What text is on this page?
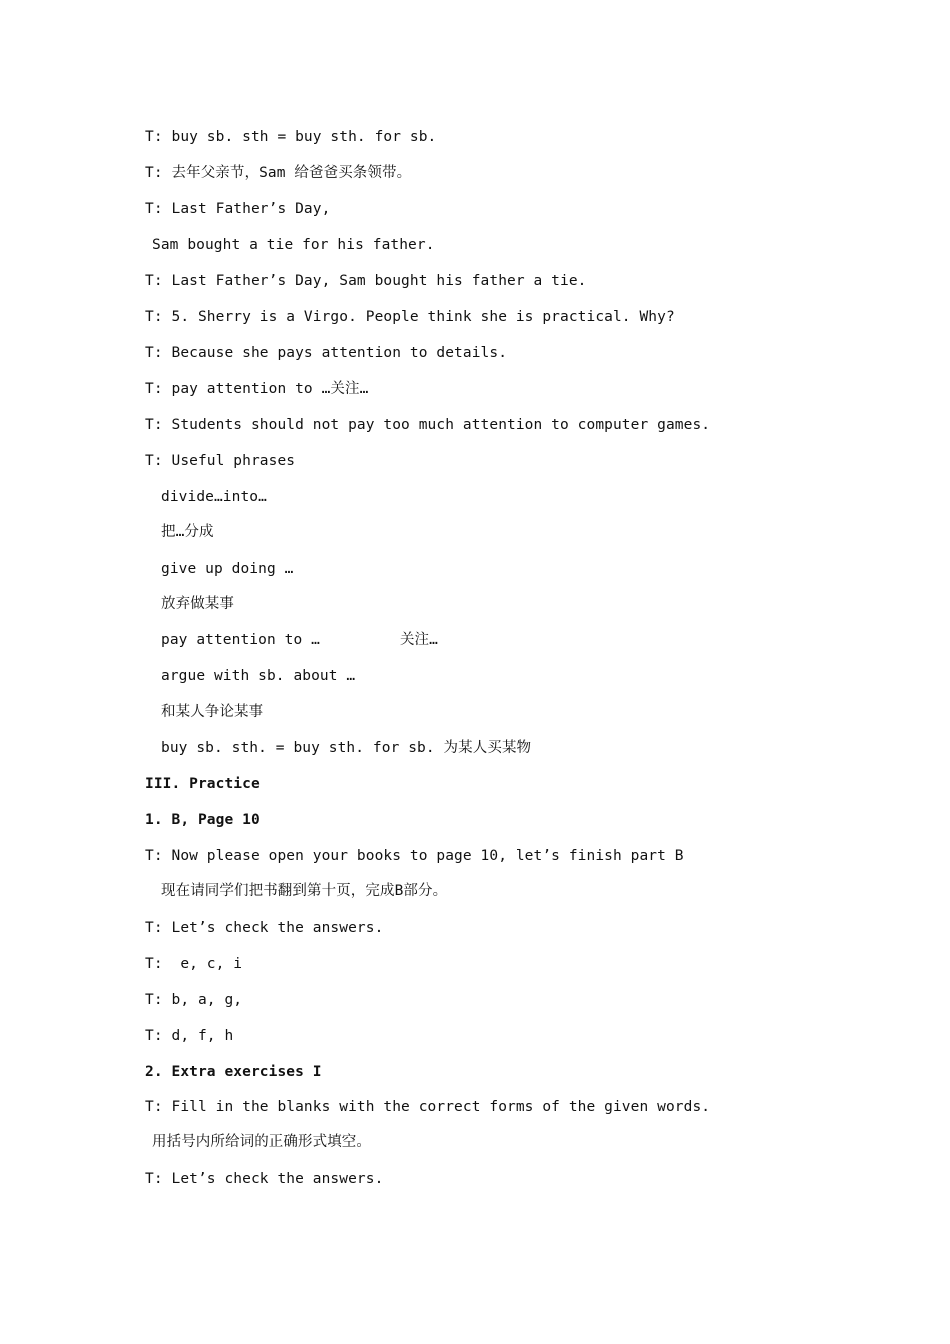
T: buy sb. sth = buy sth. for sb.
T: 去年父亲节，Sam 给爸爸买条领带。
T: Last Father’s Day,
Sam bought a tie for his father.
T: Last Father’s Day, Sam bought his father a tie.
T: 5. Sherry is a Virgo. People think she is practical. Why?
T: Because she pays attention to details.
T: pay attention to …关注…
T: Students should not pay too much attention to computer games.
T: Useful phrases
divide…into…
把…分成
give up doing …
放弃做某事
pay attention to …	关注…
argue with sb. about …
和某人争论某事
buy sb. sth. = buy sth. for sb. 为某人买某物
III. Practice
1. B, Page 10
T: Now please open your books to page 10, let’s finish part B
现在请同学们把书翻到第十页，完成B部分。
T: Let’s check the answers.
T:  e, c, i
T: b, a, g,
T: d, f, h
2. Extra exercises I
T: Fill in the blanks with the correct forms of the given words.
用括号内所给词的正确形式填空。
T: Let’s check the answers.
